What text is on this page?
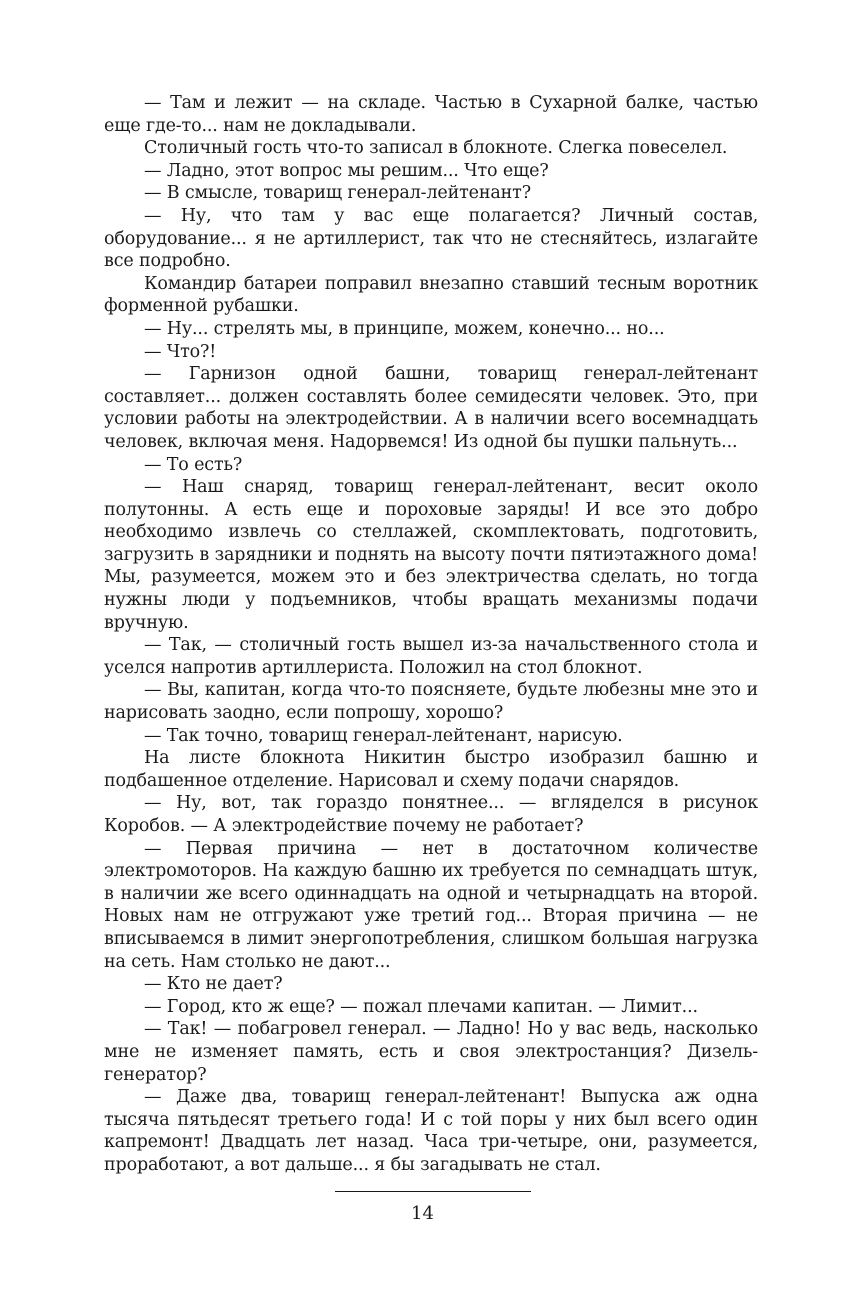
— Там и лежит — на складе. Частью в Сухарной балке, частью еще где-то... нам не докладывали.

Столичный гость что-то записал в блокноте. Слегка повеселел.

— Ладно, этот вопрос мы решим... Что еще?

— В смысле, товарищ генерал-лейтенант?

— Ну, что там у вас еще полагается? Личный состав, оборудование... я не артиллерист, так что не стесняйтесь, излагайте все подробно.

Командир батареи поправил внезапно ставший тесным воротник форменной рубашки.

— Ну... стрелять мы, в принципе, можем, конечно... но...

— Что?!

— Гарнизон одной башни, товарищ генерал-лейтенант составляет... должен составлять более семидесяти человек. Это, при условии работы на электродействии. А в наличии всего восемнадцать человек, включая меня. Надорвемся! Из одной бы пушки пальнуть...

— То есть?

— Наш снаряд, товарищ генерал-лейтенант, весит около полутонны. А есть еще и пороховые заряды! И все это добро необходимо извлечь со стеллажей, скомплектовать, подготовить, загрузить в зарядники и поднять на высоту почти пятиэтажного дома! Мы, разумеется, можем это и без электричества сделать, но тогда нужны люди у подъемников, чтобы вращать механизмы подачи вручную.

— Так, — столичный гость вышел из-за начальственного стола и уселся напротив артиллериста. Положил на стол блокнот.

— Вы, капитан, когда что-то поясняете, будьте любезны мне это и нарисовать заодно, если попрошу, хорошо?

— Так точно, товарищ генерал-лейтенант, нарисую.

На листе блокнота Никитин быстро изобразил башню и подбашенное отделение. Нарисовал и схему подачи снарядов.

— Ну, вот, так гораздо понятнее... — вгляделся в рисунок Коробов. — А электродействие почему не работает?

— Первая причина — нет в достаточном количестве электромоторов. На каждую башню их требуется по семнадцать штук, в наличии же всего одиннадцать на одной и четырнадцать на второй. Новых нам не отгружают уже третий год... Вторая причина — не вписываемся в лимит энергопотребления, слишком большая нагрузка на сеть. Нам столько не дают...

— Кто не дает?

— Город, кто ж еще? — пожал плечами капитан. — Лимит...

— Так! — побагровел генерал. — Ладно! Но у вас ведь, насколько мне не изменяет память, есть и своя электростанция? Дизель-генератор?

— Даже два, товарищ генерал-лейтенант! Выпуска аж одна тысяча пятьдесят третьего года! И с той поры у них был всего один капремонт! Двадцать лет назад. Часа три-четыре, они, разумеется, проработают, а вот дальше... я бы загадывать не стал.

14
